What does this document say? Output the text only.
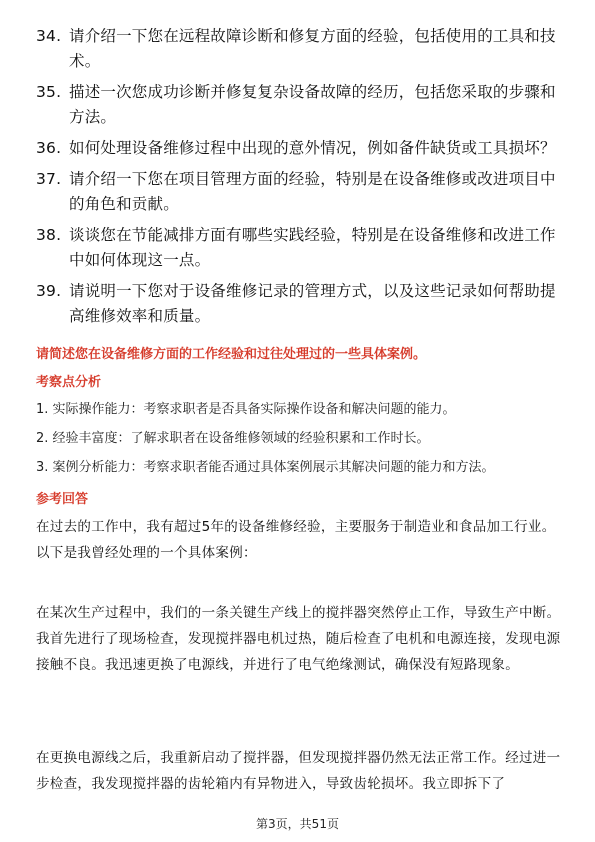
34. 请介绍一下您在远程故障诊断和修复方面的经验，包括使用的工具和技术。
35. 描述一次您成功诊断并修复复杂设备故障的经历，包括您采取的步骤和方法。
36. 如何处理设备维修过程中出现的意外情况，例如备件缺货或工具损坏？
37. 请介绍一下您在项目管理方面的经验，特别是在设备维修或改进项目中的角色和贡献。
38. 谈谈您在节能减排方面有哪些实践经验，特别是在设备维修和改进工作中如何体现这一点。
39. 请说明一下您对于设备维修记录的管理方式，以及这些记录如何帮助提高维修效率和质量。
请简述您在设备维修方面的工作经验和过往处理过的一些具体案例。
考察点分析
1. 实际操作能力：考察求职者是否具备实际操作设备和解决问题的能力。
2. 经验丰富度：了解求职者在设备维修领域的经验积累和工作时长。
3. 案例分析能力：考察求职者能否通过具体案例展示其解决问题的能力和方法。
参考回答
在过去的工作中，我有超过5年的设备维修经验，主要服务于制造业和食品加工行业。以下是我曾经处理的一个具体案例：
在某次生产过程中，我们的一条关键生产线上的搅拌器突然停止工作，导致生产中断。我首先进行了现场检查，发现搅拌器电机过热，随后检查了电机和电源连接，发现电源接触不良。我迅速更换了电源线，并进行了电气绝缘测试，确保没有短路现象。
在更换电源线之后，我重新启动了搅拌器，但发现搅拌器仍然无法正常工作。经过进一步检查，我发现搅拌器的齿轮箱内有异物进入，导致齿轮损坏。我立即拆下了
第3页，共51页
